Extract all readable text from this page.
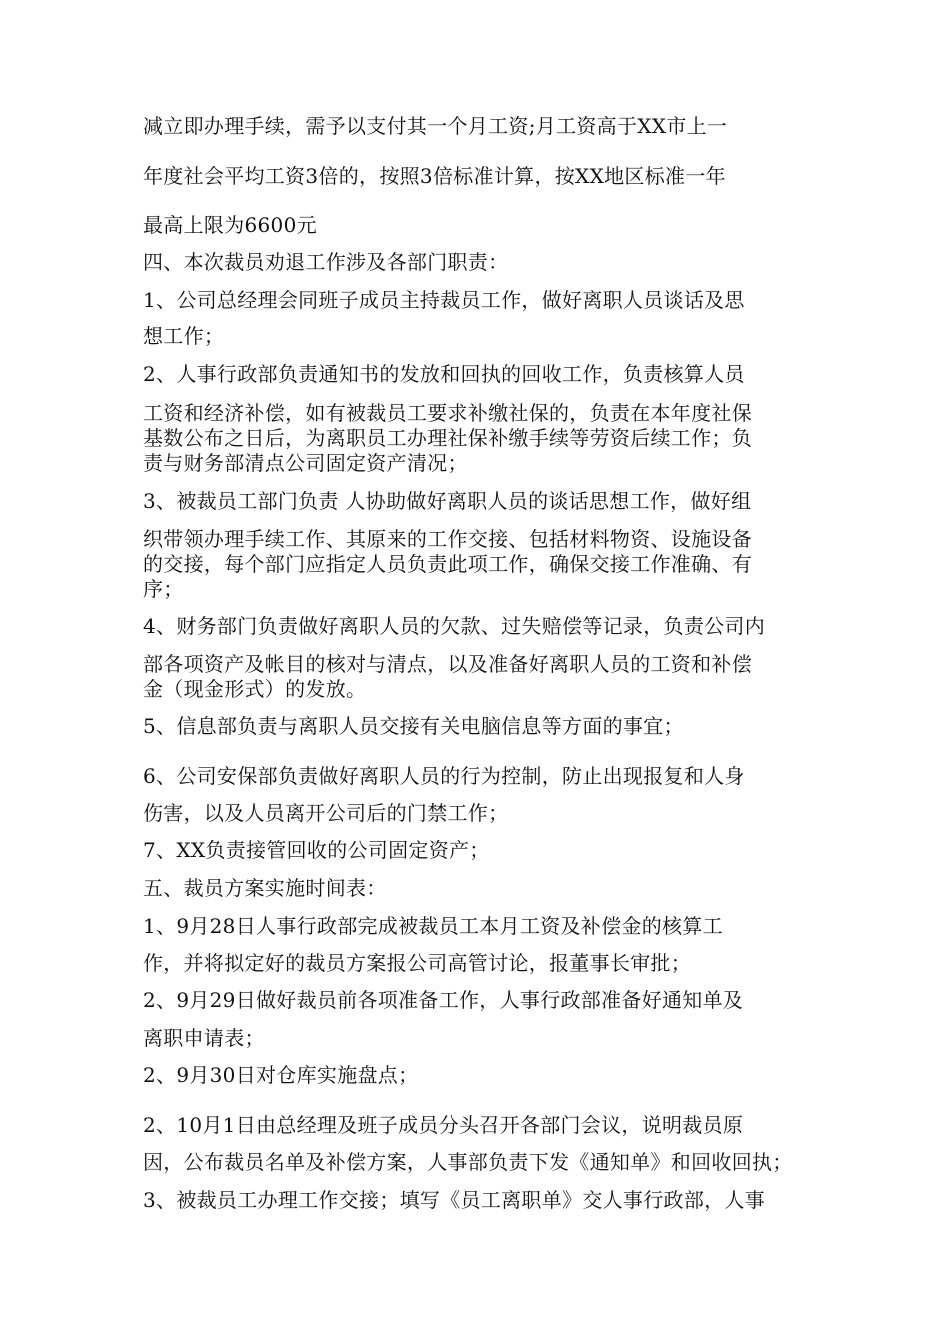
减立即办理手续，需予以支付其一个月工资;月工资高于XX市上一
年度社会平均工资3倍的，按照3倍标准计算，按XX地区标准一年
最高上限为6600元
四、本次裁员劝退工作涉及各部门职责：
1、公司总经理会同班子成员主持裁员工作，做好离职人员谈话及思
想工作；
2、人事行政部负责通知书的发放和回执的回收工作，负责核算人员
工资和经济补偿，如有被裁员工要求补缴社保的，负责在本年度社保
基数公布之日后，为离职员工办理社保补缴手续等劳资后续工作；负
责与财务部清点公司固定资产清况；
3、被裁员工部门负责 人协助做好离职人员的谈话思想工作，做好组
织带领办理手续工作、其原来的工作交接、包括材料物资、设施设备
的交接，每个部门应指定人员负责此项工作，确保交接工作准确、有
序；
4、财务部门负责做好离职人员的欠款、过失赔偿等记录，负责公司内
部各项资产及帐目的核对与清点，以及准备好离职人员的工资和补偿
金（现金形式）的发放。
5、信息部负责与离职人员交接有关电脑信息等方面的事宜；
6、公司安保部负责做好离职人员的行为控制，防止出现报复和人身
伤害，以及人员离开公司后的门禁工作；
7、XX负责接管回收的公司固定资产；
五、裁员方案实施时间表：
1、9月28日人事行政部完成被裁员工本月工资及补偿金的核算工
作，并将拟定好的裁员方案报公司高管讨论，报董事长审批；
2、9月29日做好裁员前各项准备工作，人事行政部准备好通知单及
离职申请表；
2、9月30日对仓库实施盘点；
2、10月1日由总经理及班子成员分头召开各部门会议，说明裁员原
因，公布裁员名单及补偿方案，人事部负责下发《通知单》和回收回执；
3、被裁员工办理工作交接；填写《员工离职单》交人事行政部，人事
